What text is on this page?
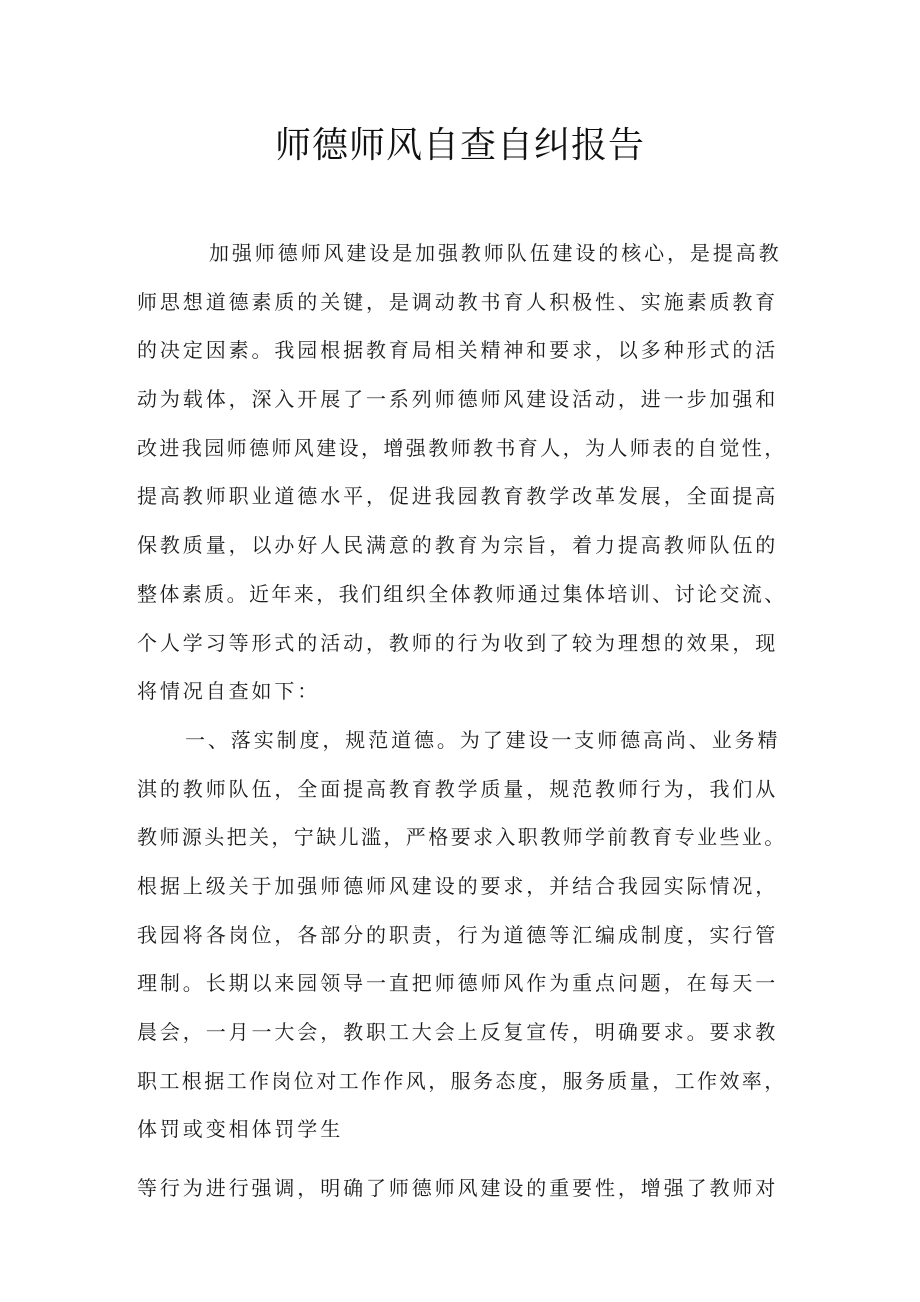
师德师风自查自纠报告
加强师德师风建设是加强教师队伍建设的核心，是提高教
师思想道德素质的关键，是调动教书育人积极性、实施素质教育
的决定因素。我园根据教育局相关精神和要求，以多种形式的活
动为载体，深入开展了一系列师德师风建设活动，进一步加强和
改进我园师德师风建设，增强教师教书育人，为人师表的自觉性，
提高教师职业道德水平，促进我园教育教学改革发展，全面提高
保教质量，以办好人民满意的教育为宗旨，着力提高教师队伍的
整体素质。近年来，我们组织全体教师通过集体培训、讨论交流、
个人学习等形式的活动，教师的行为收到了较为理想的效果，现
将情况自查如下：
一、落实制度，规范道德。为了建设一支师德高尚、业务精
淇的教师队伍，全面提高教育教学质量，规范教师行为，我们从
教师源头把关，宁缺儿滥，严格要求入职教师学前教育专业些业。
根据上级关于加强师德师风建设的要求，并结合我园实际情况，
我园将各岗位，各部分的职责，行为道德等汇编成制度，实行管
理制。长期以来园领导一直把师德师风作为重点问题，在每天一
晨会，一月一大会，教职工大会上反复宣传，明确要求。要求教
职工根据工作岗位对工作作风，服务态度，服务质量，工作效率，
体罚或变相体罚学生
等行为进行强调，明确了师德师风建设的重要性，增强了教师对
